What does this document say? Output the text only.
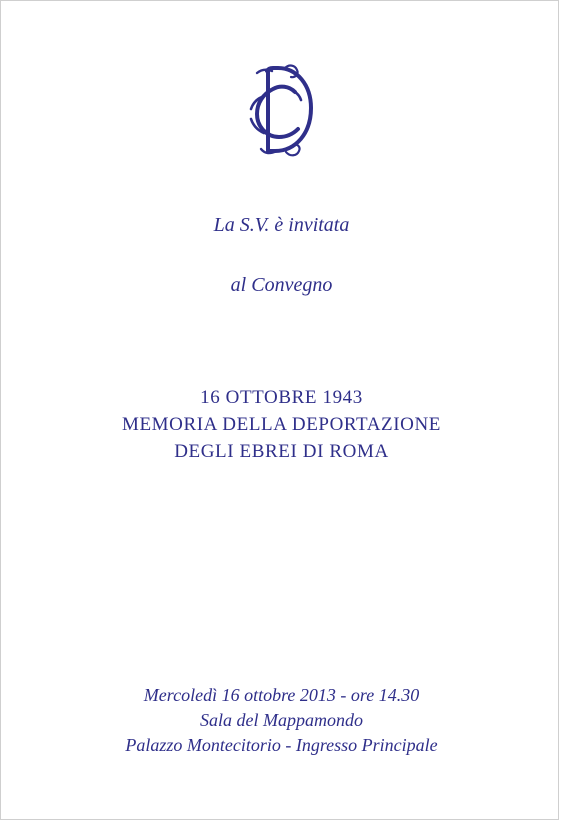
La S.V. è invitata
al Convegno
16 OTTOBRE 1943
MEMORIA DELLA DEPORTAZIONE
DEGLI EBREI DI ROMA
Mercoledì 16 ottobre 2013 - ore 14.30
Sala del Mappamondo
Palazzo Montecitorio - Ingresso Principale
